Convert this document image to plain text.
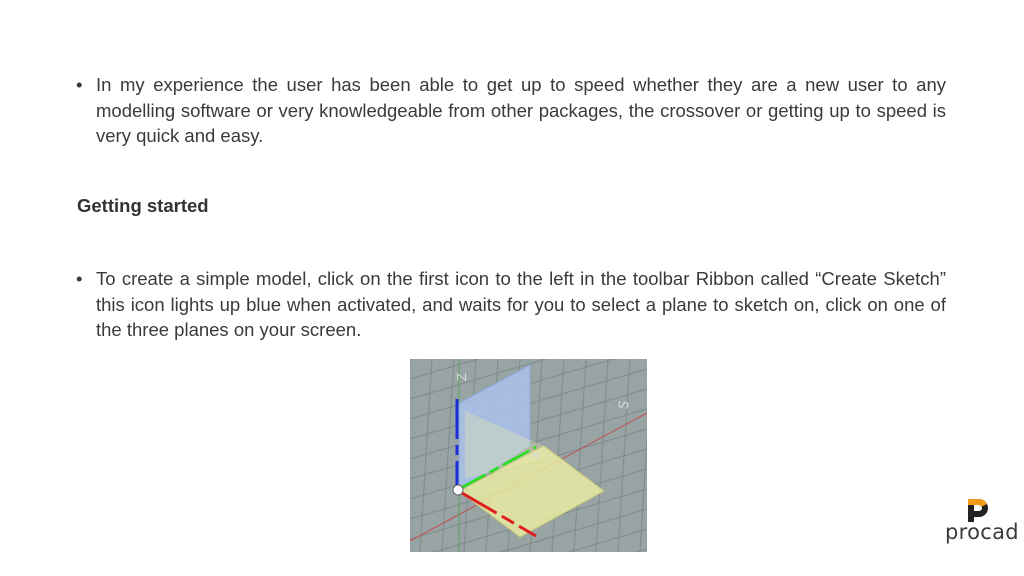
• In my experience the user has been able to get up to speed whether they are a new user to any modelling software or very knowledgeable from other packages, the crossover or getting up to speed is very quick and easy.
Getting started
• To create a simple model, click on the first icon to the left in the toolbar Ribbon called “Create Sketch” this icon lights up blue when activated, and waits for you to select a plane to sketch on, click on one of the three planes on your screen.
Z
S
X
procad
